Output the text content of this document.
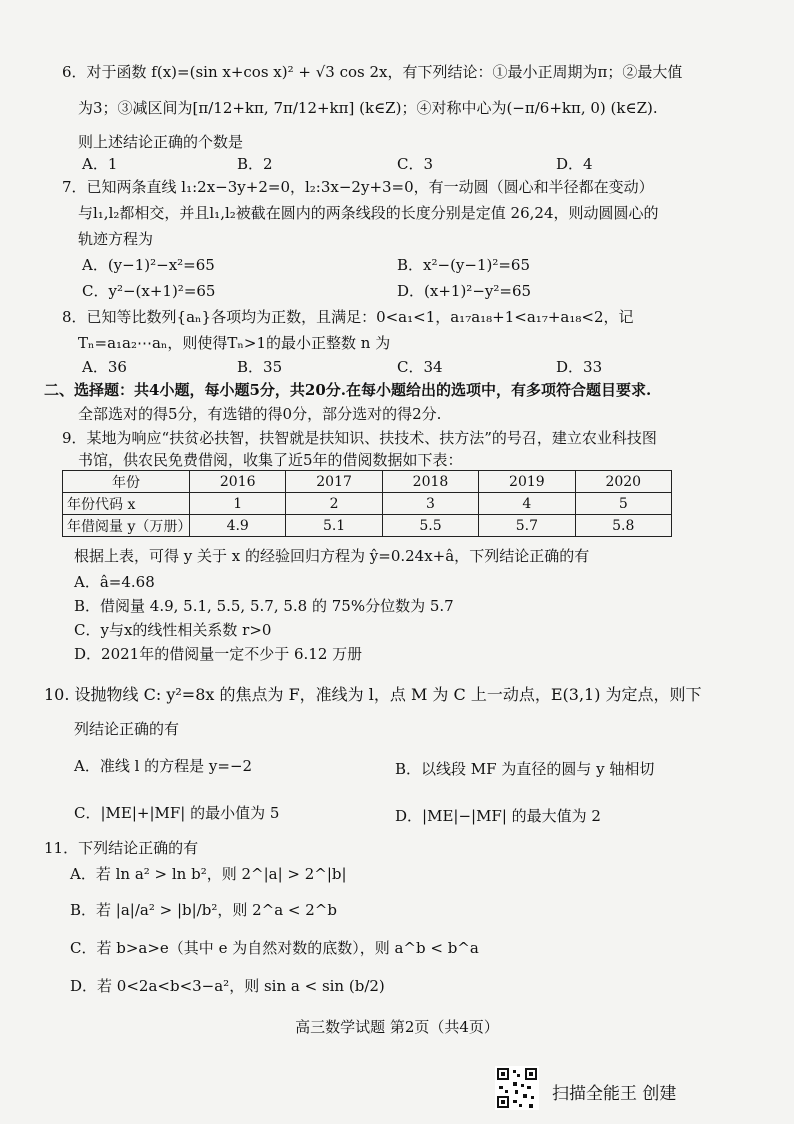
6．对于函数 f(x)=(sin x+cos x)² + √3 cos 2x，有下列结论：①最小正周期为π；②最大值
为3；③减区间为[π/12+kπ, 7π/12+kπ] (k∈Z)；④对称中心为(−π/6+kπ, 0) (k∈Z).
则上述结论正确的个数是
A．1	B．2	C．3	D．4
7．已知两条直线 l₁:2x−3y+2=0，l₂:3x−2y+3=0，有一动圆（圆心和半径都在变动）
与l₁,l₂都相交，并且l₁,l₂被截在圆内的两条线段的长度分别是定值 26,24，则动圆圆心的
轨迹方程为
A．(y−1)²−x²=65	B．x²−(y−1)²=65
C．y²−(x+1)²=65	D．(x+1)²−y²=65
8．已知等比数列{aₙ}各项均为正数，且满足：0<a₁<1，a₁₇a₁₈+1<a₁₇+a₁₈<2，记
Tₙ=a₁a₂⋯aₙ，则使得Tₙ>1的最小正整数 n 为
A．36	B．35	C．34	D．33
二、选择题：共4小题，每小题5分，共20分.在每小题给出的选项中，有多项符合题目要求.
全部选对的得5分，有选错的得0分，部分选对的得2分.
9．某地为响应“扶贫必扶智，扶智就是扶知识、扶技术、扶方法”的号召，建立农业科技图
书馆，供农民免费借阅，收集了近5年的借阅数据如下表：
年份	2016	2017	2018	2019	2020
年份代码 x	1	2	3	4	5
年借阅量 y（万册）	4.9	5.1	5.5	5.7	5.8
根据上表，可得 y 关于 x 的经验回归方程为 ŷ=0.24x+â，下列结论正确的有
A．â=4.68
B．借阅量 4.9, 5.1, 5.5, 5.7, 5.8 的 75%分位数为 5.7
C．y与x的线性相关系数 r>0
D．2021年的借阅量一定不少于 6.12 万册
10. 设抛物线 C: y²=8x 的焦点为 F，准线为 l，点 M 为 C 上一动点，E(3,1) 为定点，则下
列结论正确的有
A．准线 l 的方程是 y=−2	B．以线段 MF 为直径的圆与 y 轴相切
C．|ME|+|MF| 的最小值为 5	D．|ME|−|MF| 的最大值为 2
11．下列结论正确的有
A．若 ln a² > ln b²，则 2^|a| > 2^|b|
B．若 |a|/a² > |b|/b²，则 2^a < 2^b
C．若 b>a>e（其中 e 为自然对数的底数），则 a^b < b^a
D．若 0<2a<b<3−a²，则 sin a < sin (b/2)
高三数学试题 第2页（共4页）
扫描全能王 创建
